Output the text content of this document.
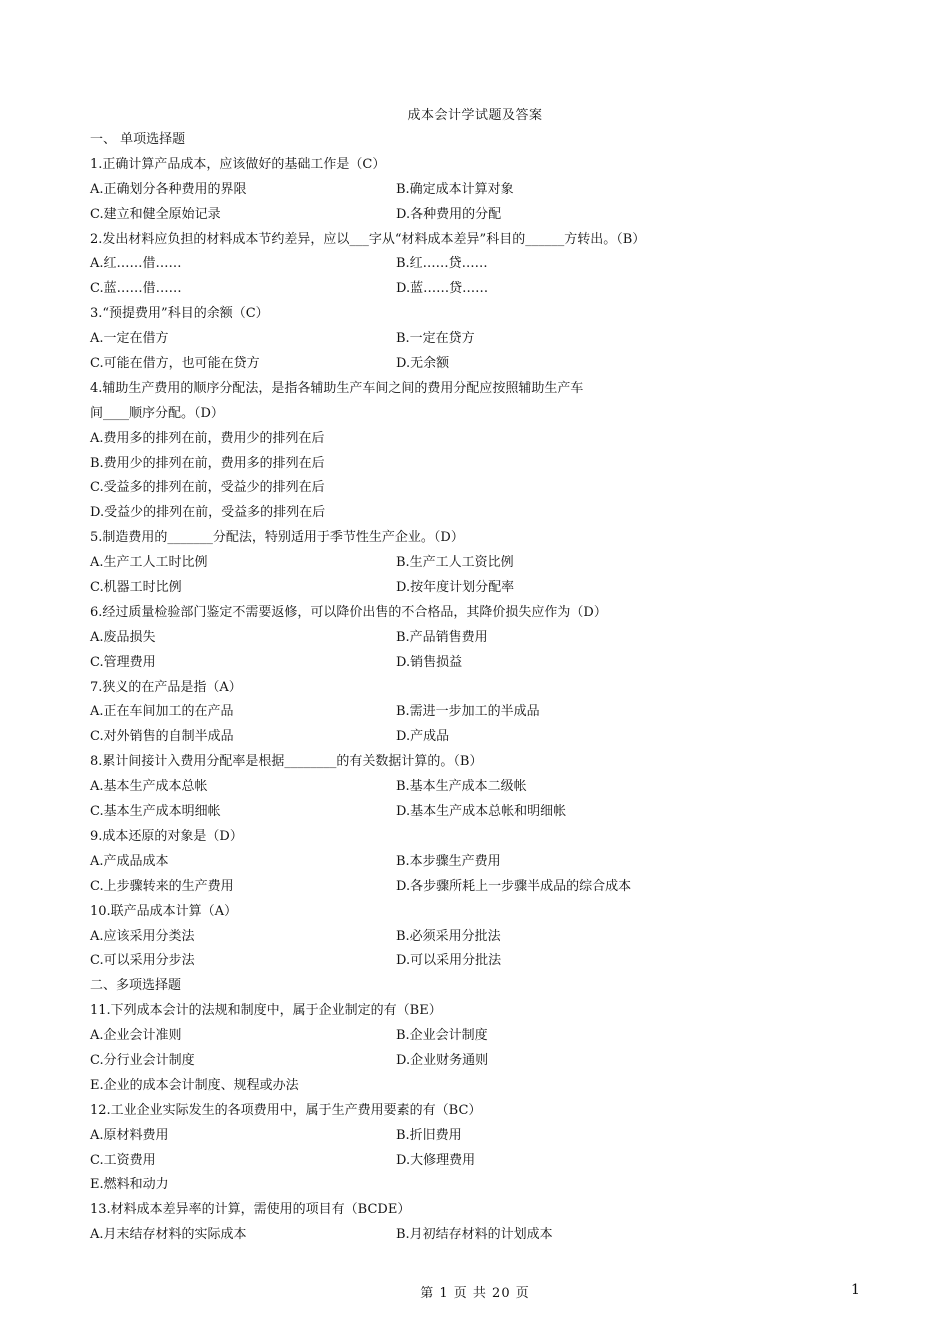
成本会计学试题及答案
一、 单项选择题
1.正确计算产品成本，应该做好的基础工作是（C）
A.正确划分各种费用的界限	B.确定成本计算对象
C.建立和健全原始记录	D.各种费用的分配
2.发出材料应负担的材料成本节约差异，应以___字从“材料成本差异”科目的______方转出。（B）
A.红……借……	B.红……贷……
C.蓝……借……	D.蓝……贷……
3.“预提费用”科目的余额（C）
A.一定在借方	B.一定在贷方
C.可能在借方，也可能在贷方	D.无余额
4.辅助生产费用的顺序分配法，是指各辅助生产车间之间的费用分配应按照辅助生产车
间____顺序分配。（D）
A.费用多的排列在前，费用少的排列在后
B.费用少的排列在前，费用多的排列在后
C.受益多的排列在前，受益少的排列在后
D.受益少的排列在前，受益多的排列在后
5.制造费用的_______分配法，特别适用于季节性生产企业。（D）
A.生产工人工时比例	B.生产工人工资比例
C.机器工时比例	D.按年度计划分配率
6.经过质量检验部门鉴定不需要返修，可以降价出售的不合格品，其降价损失应作为（D）
A.废品损失	B.产品销售费用
C.管理费用	D.销售损益
7.狭义的在产品是指（A）
A.正在车间加工的在产品	B.需进一步加工的半成品
C.对外销售的自制半成品	D.产成品
8.累计间接计入费用分配率是根据________的有关数据计算的。（B）
A.基本生产成本总帐	B.基本生产成本二级帐
C.基本生产成本明细帐	D.基本生产成本总帐和明细帐
9.成本还原的对象是（D）
A.产成品成本	B.本步骤生产费用
C.上步骤转来的生产费用	D.各步骤所耗上一步骤半成品的综合成本
10.联产品成本计算（A）
A.应该采用分类法	B.必须采用分批法
C.可以采用分步法	D.可以采用分批法
二、多项选择题
11.下列成本会计的法规和制度中，属于企业制定的有（BE）
A.企业会计准则	B.企业会计制度
C.分行业会计制度	D.企业财务通则
E.企业的成本会计制度、规程或办法
12.工业企业实际发生的各项费用中，属于生产费用要素的有（BC）
A.原材料费用	B.折旧费用
C.工资费用	D.大修理费用
E.燃料和动力
13.材料成本差异率的计算，需使用的项目有（BCDE）
A.月末结存材料的实际成本	B.月初结存材料的计划成本
第 1 页 共 20 页	1
